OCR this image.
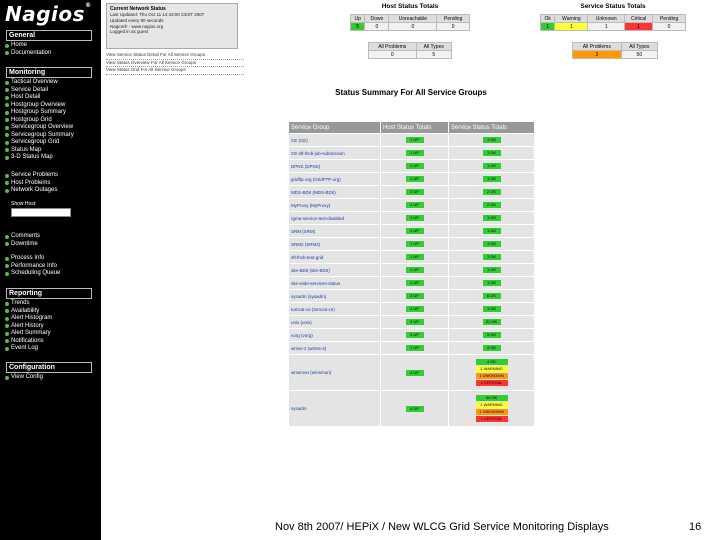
Nagios®
General
Home
Documentation
Monitoring
Tactical Overview
Service Detail
Host Detail
Hostgroup Overview
Hostgroup Summary
Hostgroup Grid
Servicegroup Overview
Servicegroup Summary
Servicegroup Grid
Status Map
3-D Status Map
Service Problems
Host Problems
Network Outages
Comments
Downtime
Process Info
Performance Info
Scheduling Queue
Reporting
Trends
Availability
Alert Histogram
Alert History
Alert Summary
Notifications
Event Log
Configuration
View Config
Show Host:
Current Network Status
Last Updated: Thu Oct 11 14:43:00 CEST 2007
Updated every 90 seconds
Nagios® - www.nagios.org
Logged in as guest
View Service Status Detail For All Service Groups
View Status Overview For All Service Groups
View Status Grid For All Service Groups
Host Status Totals
Up	Down	Unreachable	Pending
5	0	0	0
All Problems	All Types
0	5
Service Status Totals
Ok	Warning	Unknown	Critical	Pending
1	1	1	1	0
All Problems	All Types
3	50
Status Summary For All Service Groups
Service Group	Host Status Totals	Service Status Totals
CE (CE)	1 UP	1 OK

CE-sft-lhcb-job-submission	1 UP	1 OK

DPNS (DPNS)	1 UP	1 OK

gridftp-org (GridFTP-org)	1 UP	1 OK

MDS-BDII (MDS-BDII)	2 UP	2 OK

MyProxy (MyProxy)	1 UP	2 OK

rgma-service-test-disabled	1 UP	1 OK

SRM (SRM)	1 UP	1 OK

SRM2 (SRM2)	1 UP	1 OK

sft-lhcb-test-grid	1 UP	1 OK

site-BDII (site-BDII)	1 UP	1 OK

site-wide-services-status	1 UP	1 OK

sysadm (sysadm)	3 UP	6 OK

tomcat-ce (tomcat-ce)	1 UP	1 OK

unix (unix)	3 UP	21 OK

vorg (vorg)	3 UP	9 OK

wmss-2 (wmss-2)	1 UP	4 OK

wmsmon (wmsmon)	4 UP	4 OK
1 WARNING
1 UNKNOWN
1 CRITICAL

sysadm	4 UP	44 OK
1 WARNING
1 UNKNOWN
1 CRITICAL
Nov 8th 2007/ HEPiX / New WLCG Grid Service Monitoring Displays	16
